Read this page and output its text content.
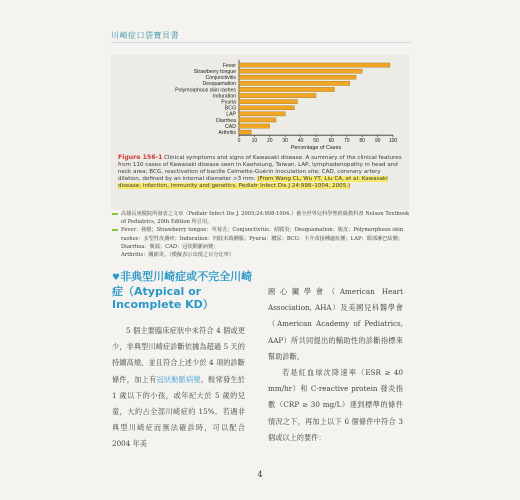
川崎症口袋寶貝書
Fever
Strawberry tongue
Conjunctivitis
Desquamation
Polymorphous skin rashes
Induration
Pyuria
BCG
LAP
Diarrhea
CAD
Arthritis
0 10 20 30 40 50 60 70 80 90 100
Percentage of Cases
Figure 156-1 Clinical symptoms and signs of Kawasaki disease. A summary of the clinical features from 110 cases of Kawasaki disease seen in Kaohsiung, Taiwan. LAP, lymphadenopathy in head and neck area; BCG, reactivation of bacille Calmette-Guérin inoculation site; CAD, coronary artery dilation, defined by an internal diameter >3 mm. (From Wang CL, Wu YT, Liu CA, et al: Kawasaki disease: infection, immunity and genetics, Pediatr Infect Dis J 24:998–1004, 2005.)
高雄長庚醫院所發表之文章（Pediatr Infect Dis J. 2005;24:998-1004.）被全世界兒科學聖經級教科書 Nelson Textbook of Pediatrics, 20th Edition 所引用。
Fever：發燒；Strawberry tongue：草莓舌；Conjunctivitis：結膜炎；Desquamation：脫皮；Polymorphous skin rashes：多型性皮膚疹；Induration：四肢末端腫脹；Pyuria：膿尿；BCG：卡介苗接種處紅腫；LAP：頸部淋巴結腫；Diarrhea：腹瀉；CAD：冠狀動脈病變；
Arthritis：關節炎。（模擬表示出現之百分比率）
♥非典型川崎症或不完全川崎症（Atypical or Incomplete KD）

5 個主要臨床症狀中未符合 4 個或更少，非典型川崎症診斷依據為超過 5 天的持續高燒，並且符合上述少於 4 項的診斷條件，加上有冠狀動脈病變。較常發生於 1 歲以下的小孩，或年紀大於 5 歲的兒童，大約占全部川崎症約 15%。若遇非典型川崎症而無法確診時，可以配合 2004 年美

國心臟學會（American Heart Association, AHA）及美國兒科醫學會（American Academy of Pediatrics, AAP）所共同提出的輔助性的診斷指標來幫助診斷。

若是紅血球沈降速率（ESR ≥ 40 mm/hr）和 C-reactive protein 發炎指數（CRP ≥ 30 mg/L）達到標準的條件情況之下，再加上以下 6 個條件中符合 3 個或以上的要件：

4
